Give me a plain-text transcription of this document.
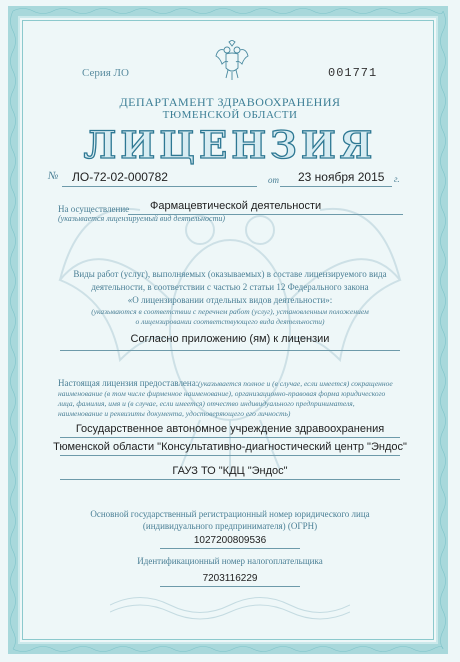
Серия ЛО	001771
ДЕПАРТАМЕНТ ЗДРАВООХРАНЕНИЯ
ТЮМЕНСКОЙ ОБЛАСТИ
ЛИЦЕНЗИЯ
№ ЛО-72-02-000782	от 23 ноября 2015 г.
На осуществление Фармацевтической деятельности
(указывается лицензируемый вид деятельности)
Виды работ (услуг), выполняемых (оказываемых) в составе лицензируемого вида
деятельности, в соответствии с частью 2 статьи 12 Федерального закона
«О лицензировании отдельных видов деятельности»:
(указываются в соответствии с перечнем работ (услуг), установленным положением
о лицензировании соответствующего вида деятельности)
Согласно приложению (ям) к лицензии
Настоящая лицензия предоставлена: (указывается полное и (в случае, если имеется) сокращенное
наименование (в том числе фирменное наименование), организационно-правовая форма юридического
лица, фамилия, имя и (в случае, если имеется) отчество индивидуального предпринимателя,
наименование и реквизиты документа, удостоверяющего его личность)
Государственное автономное учреждение здравоохранения
Тюменской области "Консультативно-диагностический центр "Эндос"
ГАУЗ ТО "КДЦ "Эндос"
Основной государственный регистрационный номер юридического лица
(индивидуального предпринимателя) (ОГРН)
1027200809536
Идентификационный номер налогоплательщика
7203116229
